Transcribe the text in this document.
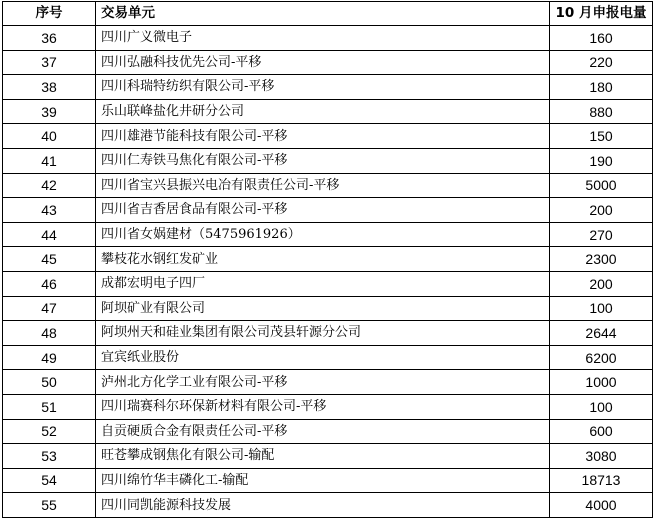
序号	交易单元	10 月申报电量
36	四川广义微电子	160
37	四川弘融科技优先公司-平移	220
38	四川科瑞特纺织有限公司-平移	180
39	乐山联峰盐化井研分公司	880
40	四川雄港节能科技有限公司-平移	150
41	四川仁寿铁马焦化有限公司-平移	190
42	四川省宝兴县振兴电冶有限责任公司-平移	5000
43	四川省吉香居食品有限公司-平移	200
44	四川省女娲建材（5475961926）	270
45	攀枝花水钢红发矿业	2300
46	成都宏明电子四厂	200
47	阿坝矿业有限公司	100
48	阿坝州天和硅业集团有限公司茂县轩源分公司	2644
49	宜宾纸业股份	6200
50	泸州北方化学工业有限公司-平移	1000
51	四川瑞赛科尔环保新材料有限公司-平移	100
52	自贡硬质合金有限责任公司-平移	600
53	旺苍攀成钢焦化有限公司-输配	3080
54	四川绵竹华丰磷化工-输配	18713
55	四川同凯能源科技发展	4000
